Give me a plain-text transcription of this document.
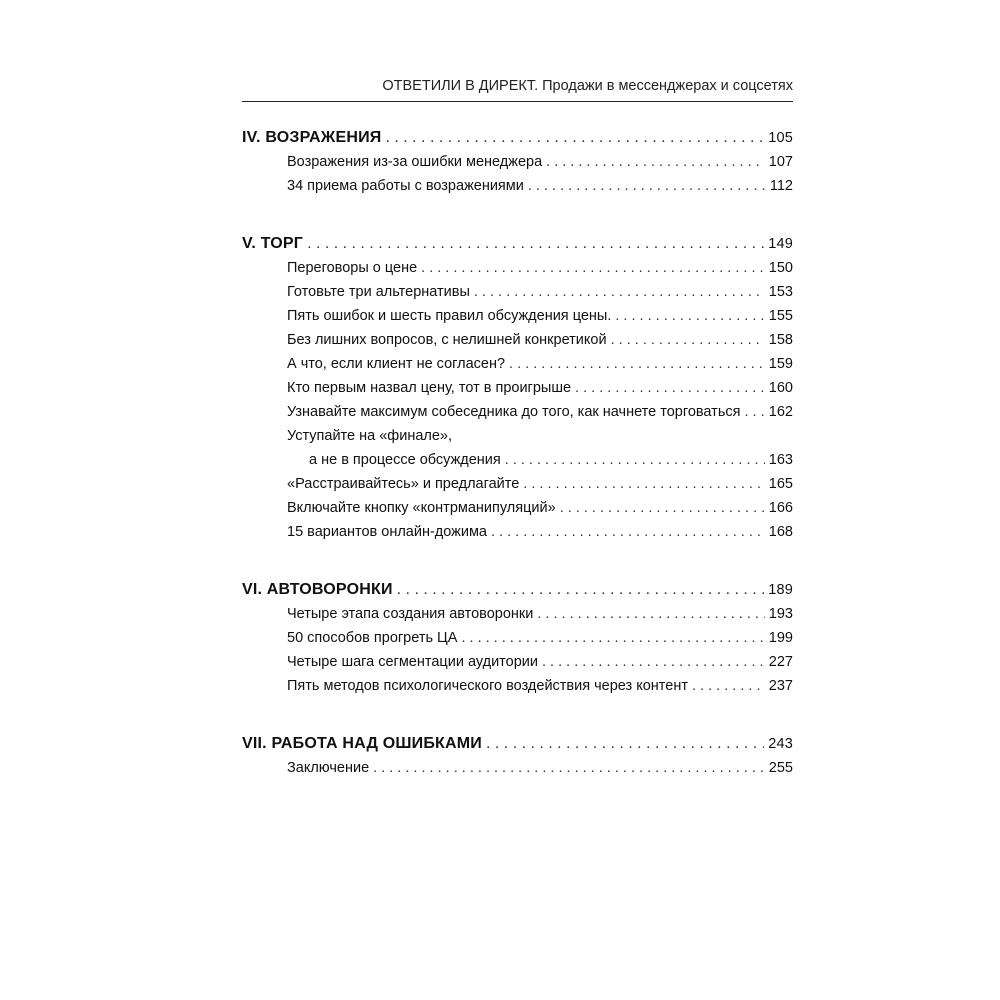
ОТВЕТИЛИ В ДИРЕКТ. Продажи в мессенджерах и соцсетях
IV. ВОЗРАЖЕНИЯ . . .	105
Возражения из-за ошибки менеджера . . .	107
34 приема работы с возражениями . . .	112
V. ТОРГ . . .	149
Переговоры о цене . . .	150
Готовьте три альтернативы . . .	153
Пять ошибок и шесть правил обсуждения цены. . . .	155
Без лишних вопросов, с нелишней конкретикой . . .	158
А что, если клиент не согласен? . . .	159
Кто первым назвал цену, тот в проигрыше . . .	160
Узнавайте максимум собеседника до того, как начнете торговаться . . . 162
Уступайте на «финале»,
а не в процессе обсуждения . . .	163
«Расстраивайтесь» и предлагайте . . .	165
Включайте кнопку «контрманипуляций» . . .	166
15 вариантов онлайн-дожима . . .	168
VI. АВТОВОРОНКИ . . .	189
Четыре этапа создания автоворонки . . .	193
50 способов прогреть ЦА . . .	199
Четыре шага сегментации аудитории . . .	227
Пять методов психологического воздействия через контент . . .	237
VII. РАБОТА НАД ОШИБКАМИ . . .	243
Заключение . . .	255
